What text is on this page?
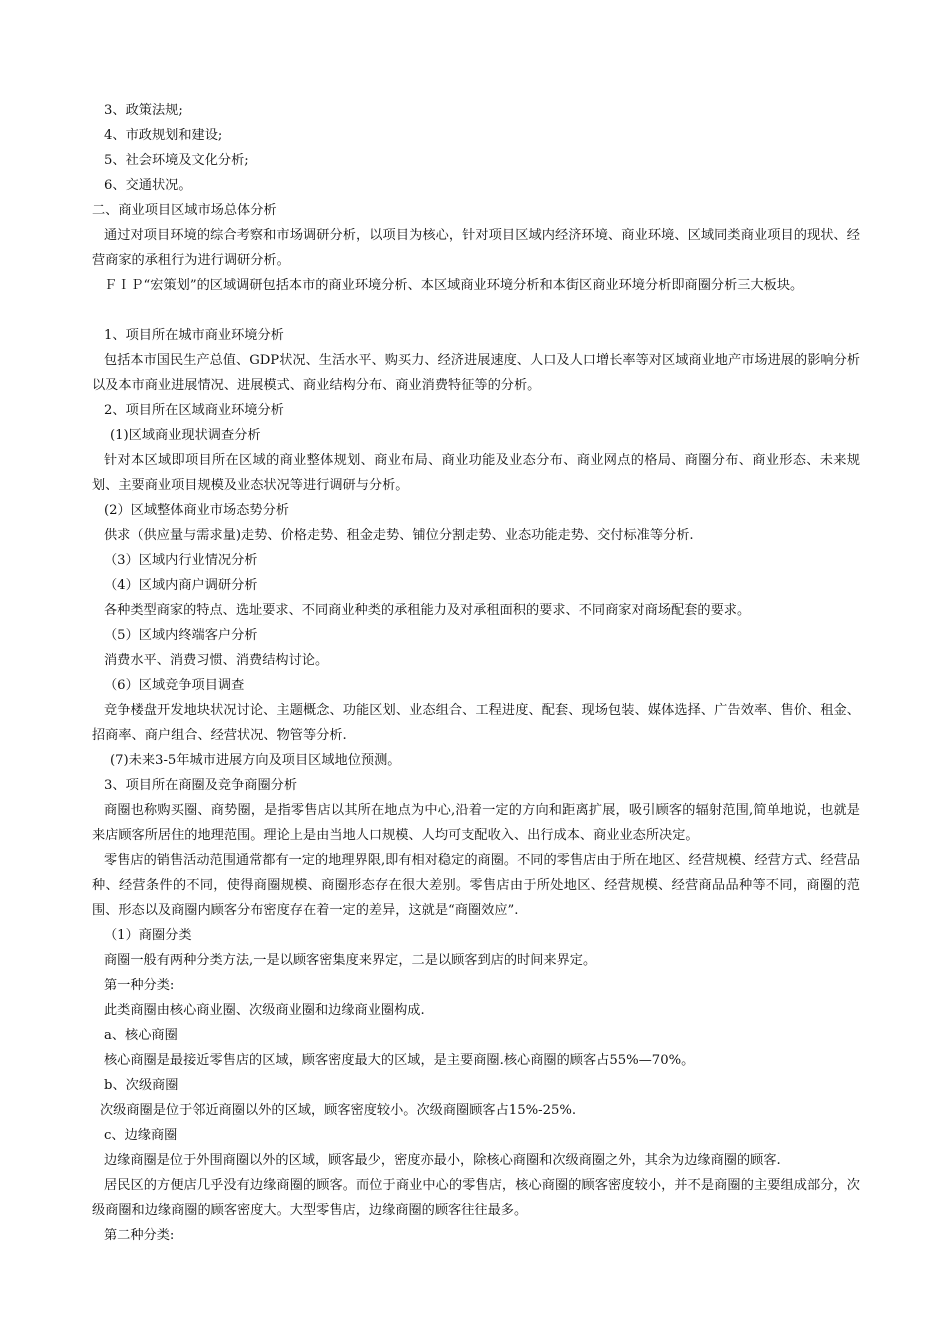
3、政策法规;
4、市政规划和建设;
5、社会环境及文化分析;
6、交通状况。
二、商业项目区域市场总体分析
通过对项目环境的综合考察和市场调研分析，以项目为核心，针对项目区域内经济环境、商业环境、区域同类商业项目的现状、经营商家的承租行为进行调研分析。
ＦＩＰ“宏策划”的区域调研包括本市的商业环境分析、本区域商业环境分析和本街区商业环境分析即商圈分析三大板块。
1、项目所在城市商业环境分析
包括本市国民生产总值、GDP状况、生活水平、购买力、经济进展速度、人口及人口增长率等对区域商业地产市场进展的影响分析以及本市商业进展情况、进展模式、商业结构分布、商业消费特征等的分析。
2、项目所在区域商业环境分析
(1)区域商业现状调查分析
针对本区域即项目所在区域的商业整体规划、商业布局、商业功能及业态分布、商业网点的格局、商圈分布、商业形态、未来规划、主要商业项目规模及业态状况等进行调研与分析。
(2）区域整体商业市场态势分析
供求（供应量与需求量)走势、价格走势、租金走势、铺位分割走势、业态功能走势、交付标准等分析.
（3）区域内行业情况分析
（4）区域内商户调研分析
各种类型商家的特点、选址要求、不同商业种类的承租能力及对承租面积的要求、不同商家对商场配套的要求。
（5）区域内终端客户分析
消费水平、消费习惯、消费结构讨论。
（6）区域竞争项目调查
竞争楼盘开发地块状况讨论、主题概念、功能区划、业态组合、工程进度、配套、现场包装、媒体选择、广告效率、售价、租金、招商率、商户组合、经营状况、物管等分析.
(7)未来3-5年城市进展方向及项目区域地位预测。
3、项目所在商圈及竞争商圈分析
商圈也称购买圈、商势圈，是指零售店以其所在地点为中心,沿着一定的方向和距离扩展，吸引顾客的辐射范围,简单地说，也就是来店顾客所居住的地理范围。理论上是由当地人口规模、人均可支配收入、出行成本、商业业态所决定。
零售店的销售活动范围通常都有一定的地理界限,即有相对稳定的商圈。不同的零售店由于所在地区、经营规模、经营方式、经营品种、经营条件的不同，使得商圈规模、商圈形态存在很大差别。零售店由于所处地区、经营规模、经营商品品种等不同，商圈的范围、形态以及商圈内顾客分布密度存在着一定的差异，这就是“商圈效应”.
（1）商圈分类
商圈一般有两种分类方法,一是以顾客密集度来界定，二是以顾客到店的时间来界定。
第一种分类:
此类商圈由核心商业圈、次级商业圈和边缘商业圈构成.
a、核心商圈
核心商圈是最接近零售店的区域，顾客密度最大的区域，是主要商圈.核心商圈的顾客占55%—70%。
b、次级商圈
次级商圈是位于邻近商圈以外的区域，顾客密度较小。次级商圈顾客占15%-25%.
c、边缘商圈
边缘商圈是位于外围商圈以外的区域，顾客最少，密度亦最小，除核心商圈和次级商圈之外，其余为边缘商圈的顾客.
居民区的方便店几乎没有边缘商圈的顾客。而位于商业中心的零售店，核心商圈的顾客密度较小，并不是商圈的主要组成部分，次级商圈和边缘商圈的顾客密度大。大型零售店，边缘商圈的顾客往往最多。
第二种分类:
